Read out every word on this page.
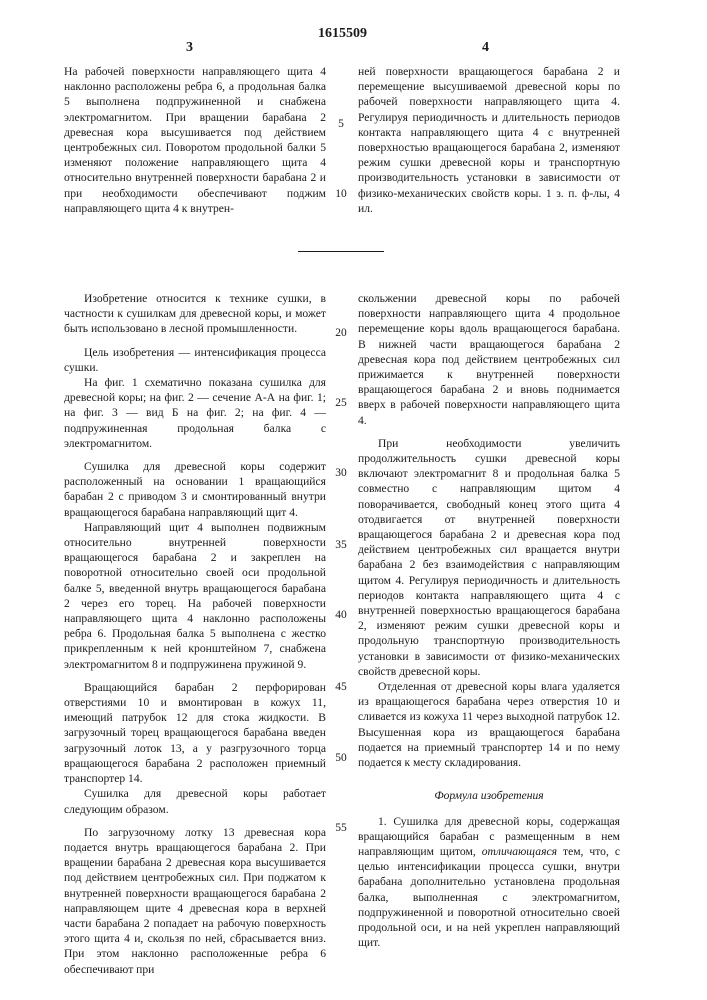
1615509
3	4

На рабочей поверхности направляющего щита 4 наклонно расположены ребра 6, а продольная балка 5 выполнена подпружиненной и снабжена электромагнитом. При вращении барабана 2 древесная кора высушивается под действием центробежных сил. Поворотом продольной балки 5 изменяют положение направляющего щита 4 относительно внутренней поверхности барабана 2 и при необходимости обеспечивают поджим направляющего щита 4 к внутрен-

ней поверхности вращающегося барабана 2 и перемещение высушиваемой древесной коры по рабочей поверхности направляющего щита 4. Регулируя периодичность и длительность периодов контакта направляющего щита 4 с внутренней поверхностью вращающегося барабана 2, изменяют режим сушки древесной коры и транспортную производительность установки в зависимости от физико-механических свойств коры. 1 з. п. ф-лы, 4 ил.

Изобретение относится к технике сушки, в частности к сушилкам для древесной коры, и может быть использовано в лесной промышленности.

Цель изобретения — интенсификация процесса сушки.

На фиг. 1 схематично показана сушилка для древесной коры; на фиг. 2 — сечение А-А на фиг. 1; на фиг. 3 — вид Б на фиг. 2; на фиг. 4 — подпружиненная продольная балка с электромагнитом.

Сушилка для древесной коры содержит расположенный на основании 1 вращающийся барабан 2 с приводом 3 и смонтированный внутри вращающегося барабана направляющий щит 4.

Направляющий щит 4 выполнен подвижным относительно внутренней поверхности вращающегося барабана 2 и закреплен на поворотной относительно своей оси продольной балке 5, введенной внутрь вращающегося барабана 2 через его торец. На рабочей поверхности направляющего щита 4 наклонно расположены ребра 6. Продольная балка 5 выполнена с жестко прикрепленным к ней кронштейном 7, снабжена электромагнитом 8 и подпружинена пружиной 9.

Вращающийся барабан 2 перфорирован отверстиями 10 и вмонтирован в кожух 11, имеющий патрубок 12 для стока жидкости. В загрузочный торец вращающегося барабана введен загрузочный лоток 13, а у разгрузочного торца вращающегося барабана 2 расположен приемный транспортер 14.

Сушилка для древесной коры работает следующим образом.

По загрузочному лотку 13 древесная кора подается внутрь вращающегося барабана 2. При вращении барабана 2 древесная кора высушивается под действием центробежных сил. При поджатом к внутренней поверхности вращающегося барабана 2 направляющем щите 4 древесная кора в верхней части барабана 2 попадает на рабочую поверхность этого щита 4 и, скользя по ней, сбрасывается вниз. При этом наклонно расположенные ребра 6 обеспечивают при

скольжении древесной коры по рабочей поверхности направляющего щита 4 продольное перемещение коры вдоль вращающегося барабана. В нижней части вращающегося барабана 2 древесная кора под действием центробежных сил прижимается к внутренней поверхности вращающегося барабана 2 и вновь поднимается вверх в рабочей поверхности направляющего щита 4.

При необходимости увеличить продолжительность сушки древесной коры включают электромагнит 8 и продольная балка 5 совместно с направляющим щитом 4 поворачивается, свободный конец этого щита 4 отодвигается от внутренней поверхности вращающегося барабана 2 и древесная кора под действием центробежных сил вращается внутри барабана 2 без взаимодействия с направляющим щитом 4. Регулируя периодичность и длительность периодов контакта направляющего щита 4 с внутренней поверхностью вращающегося барабана 2, изменяют режим сушки древесной коры и продольную транспортную производительность установки в зависимости от физико-механических свойств древесной коры.

Отделенная от древесной коры влага удаляется из вращающегося барабана через отверстия 10 и сливается из кожуха 11 через выходной патрубок 12. Высушенная кора из вращающегося барабана подается на приемный транспортер 14 и по нему подается к месту складирования.

Формула изобретения

1. Сушилка для древесной коры, содержащая вращающийся барабан с размещенным в нем направляющим щитом, отличающаяся тем, что, с целью интенсификации процесса сушки, внутри барабана дополнительно установлена продольная балка, выполненная с электромагнитом, подпружиненной и поворотной относительно своей продольной оси, и на ней укреплен направляющий щит.

5
10
20
25
30
35
40
45
50
55
